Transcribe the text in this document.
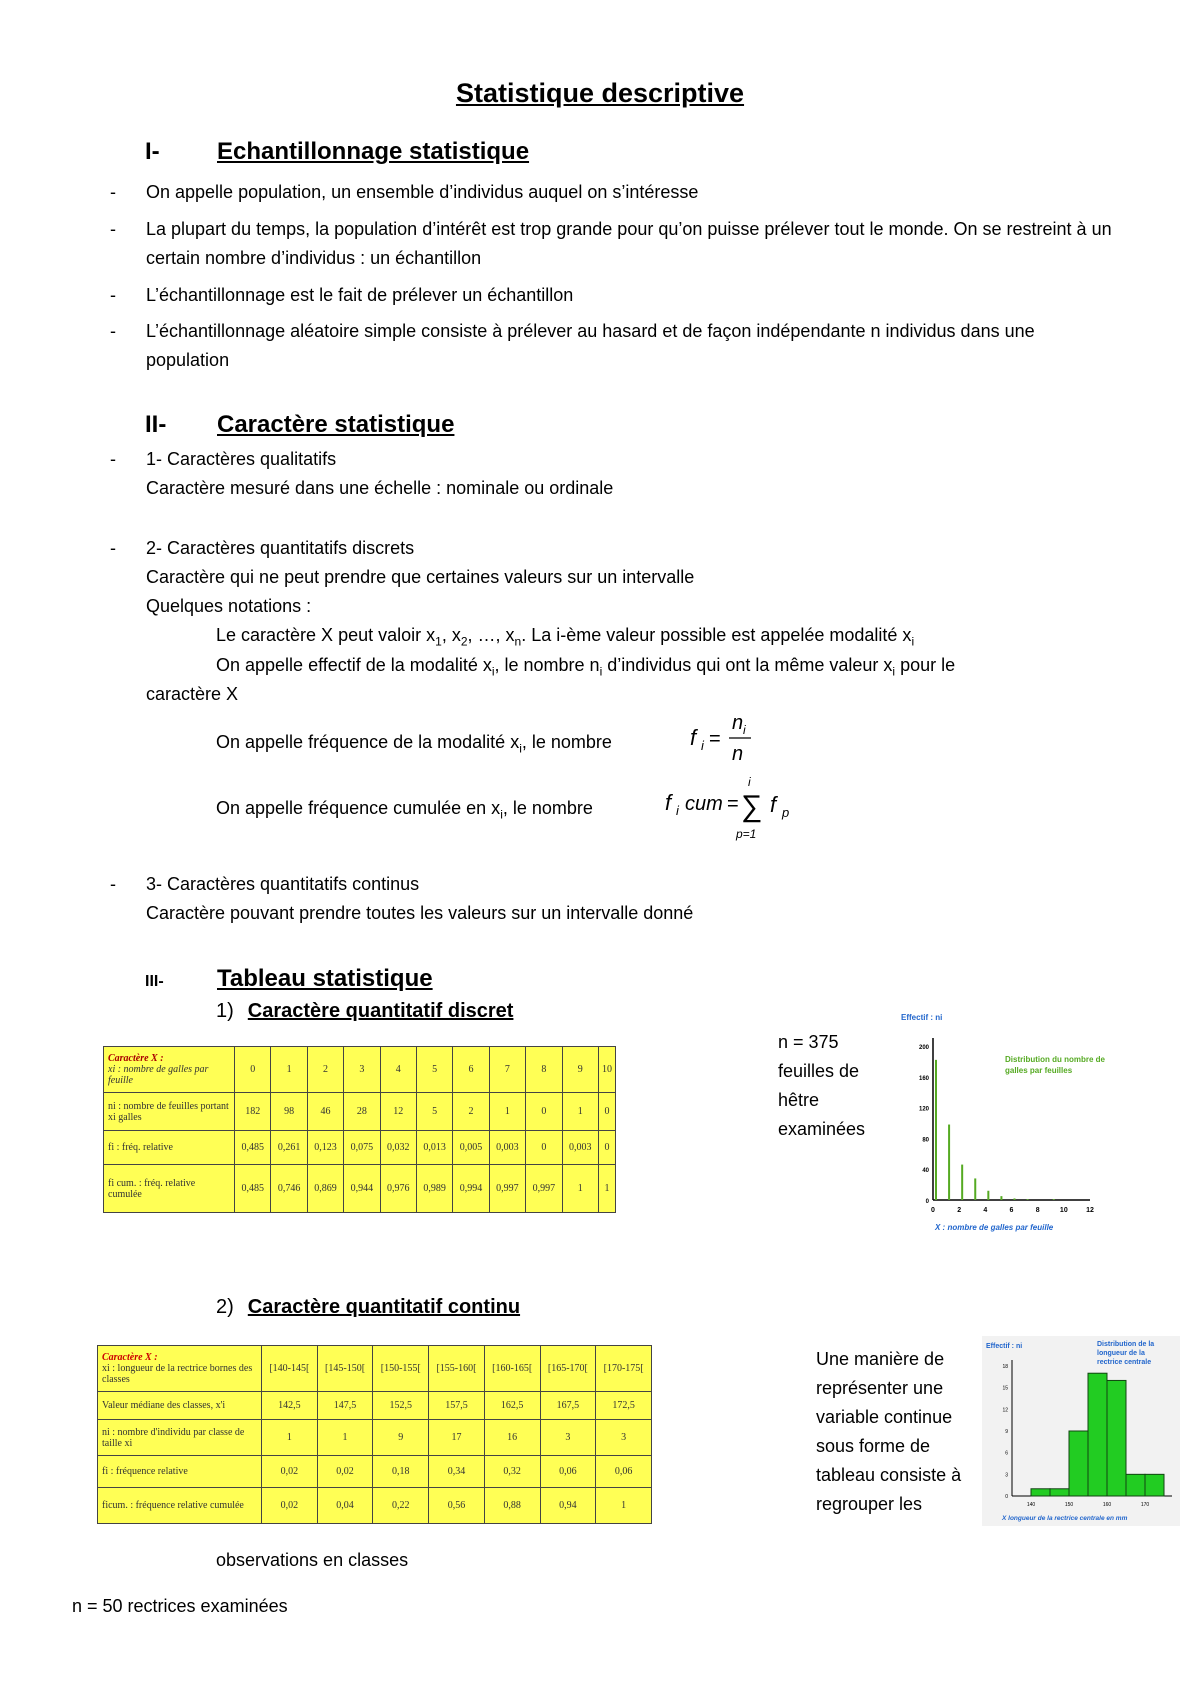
Statistique descriptive
I- Echantillonnage statistique
- On appelle population, un ensemble d’individus auquel on s’intéresse
- La plupart du temps, la population d’intérêt est trop grande pour qu’on puisse prélever tout le monde. On se restreint à un certain nombre d’individus : un échantillon
- L’échantillonnage est le fait de prélever un échantillon
- L’échantillonnage aléatoire simple consiste à prélever au hasard et de façon indépendante n individus dans une population
II- Caractère statistique
- 1- Caractères qualitatifs
Caractère mesuré dans une échelle : nominale ou ordinale
- 2- Caractères quantitatifs discrets
Caractère qui ne peut prendre que certaines valeurs sur un intervalle
Quelques notations :
Le caractère X peut valoir $x_1$, $x_2$, …, $x_n$. La i-ème valeur possible est appelée modalité $x_i$
On appelle effectif de la modalité $x_i$, le nombre $n_i$ d’individus qui ont la même valeur $x_i$ pour le
caractère X
On appelle fréquence de la modalité $x_i$, le nombre	f i =
n i
n
On appelle fréquence cumulée en $x_i$, le nombre	f i cum =
i
∑
p=1
f p
- 3- Caractères quantitatifs continus
Caractère pouvant prendre toutes les valeurs sur un intervalle donné
III- Tableau statistique
1) Caractère quantitatif discret
Caractère X :
xi : nombre de galles par feuille	0	1	2	3	4	5	6	7	8	9	10
ni : nombre de feuilles portant xi galles	182	98	46	28	12	5	2	1	0	1	0
fi : fréq. relative	0,485	0,261	0,123	0,075	0,032	0,013	0,005	0,003	0	0,003	0
fi cum. : fréq. relative cumulée	0,485	0,746	0,869	0,944	0,976	0,989	0,994	0,997	0,997	1	1
n = 375 feuilles de hêtre examinées
Effectif : ni
Distribution du nombre de galles par feuilles
0
40
80
120
160
200
0	2	4	6	8	10	12
X : nombre de galles par feuille
2) Caractère quantitatif continu
Caractère X :
xi : longueur de la rectrice bornes des classes	[140-145[	[145-150[	[150-155[	[155-160[	[160-165[	[165-170[	[170-175[
Valeur médiane des classes, x'i	142,5	147,5	152,5	157,5	162,5	167,5	172,5
ni : nombre d'individu par classe de taille xi	1	1	9	17	16	3	3
fi : fréquence relative	0,02	0,02	0,18	0,34	0,32	0,06	0,06
ficum. : fréquence relative cumulée	0,02	0,04	0,22	0,56	0,88	0,94	1
Une manière de représenter une variable continue sous forme de tableau consiste à regrouper les
Effectif : ni	Distribution de la longueur de la rectrice centrale
0
3
6
9
12
15
18
140	150	160	170
X longueur de la rectrice centrale en mm
observations en classes
n = 50 rectrices examinées
